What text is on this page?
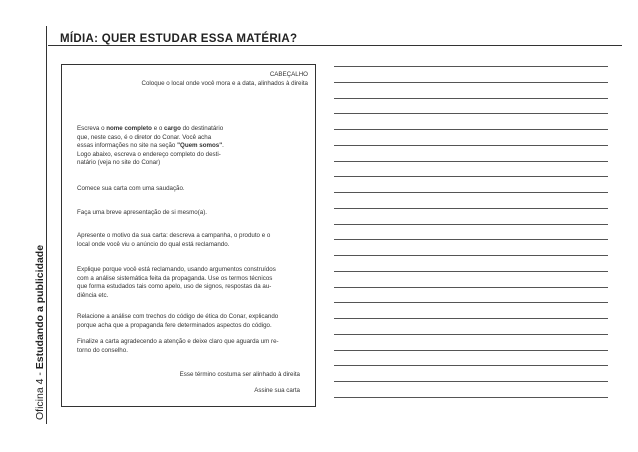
Oficina 4 - Estudando a publicidade
MÍDIA: QUER ESTUDAR ESSA MATÉRIA?
CABEÇALHO
Coloque o local onde você mora e a data, alinhados à direita
Escreva o nome completo e o cargo do destinatário
que, neste caso, é o diretor do Conar. Você acha
essas informações no site na seção "Quem somos".
Logo abaixo, escreva o endereço completo do desti-
natário (veja no site do Conar)
Comece sua carta com uma saudação.
Faça uma breve apresentação de si mesmo(a).
Apresente o motivo da sua carta: descreva a campanha, o produto e o
local onde você viu o anúncio do qual está reclamando.
Explique porque você está reclamando, usando argumentos construídos
com a análise sistemática feita da propaganda. Use os termos técnicos
que forma estudados tais como apelo, uso de signos, respostas da au-
diência etc.
Relacione a análise com trechos do código de ética do Conar, explicando
porque acha que a propaganda fere determinados aspectos do código.
Finalize a carta agradecendo a atenção e deixe claro que aguarda um re-
torno do conselho.
Esse término costuma ser alinhado à direita
Assine sua carta
